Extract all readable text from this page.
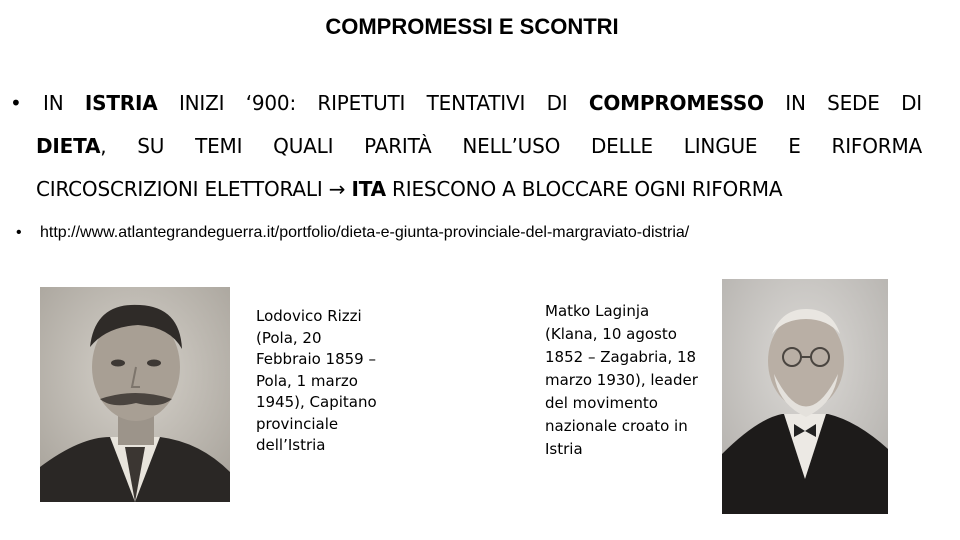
COMPROMESSI E SCONTRI
• IN ISTRIA INIZI ‘900: RIPETUTI TENTATIVI DI COMPROMESSO IN SEDE DI
DIETA, SU TEMI QUALI PARITÀ NELL’USO DELLE LINGUE E RIFORMA
CIRCOSCRIZIONI ELETTORALI → ITA RIESCONO A BLOCCARE OGNI RIFORMA
• http://www.atlantegrandeguerra.it/portfolio/dieta-e-giunta-provinciale-del-margraviato-distria/
Lodovico Rizzi
(Pola, 20
Febbraio 1859 –
Pola, 1 marzo
1945), Capitano
provinciale
dell’Istria
Matko Laginja
(Klana, 10 agosto
1852 – Zagabria, 18
marzo 1930), leader
del movimento
nazionale croato in
Istria
